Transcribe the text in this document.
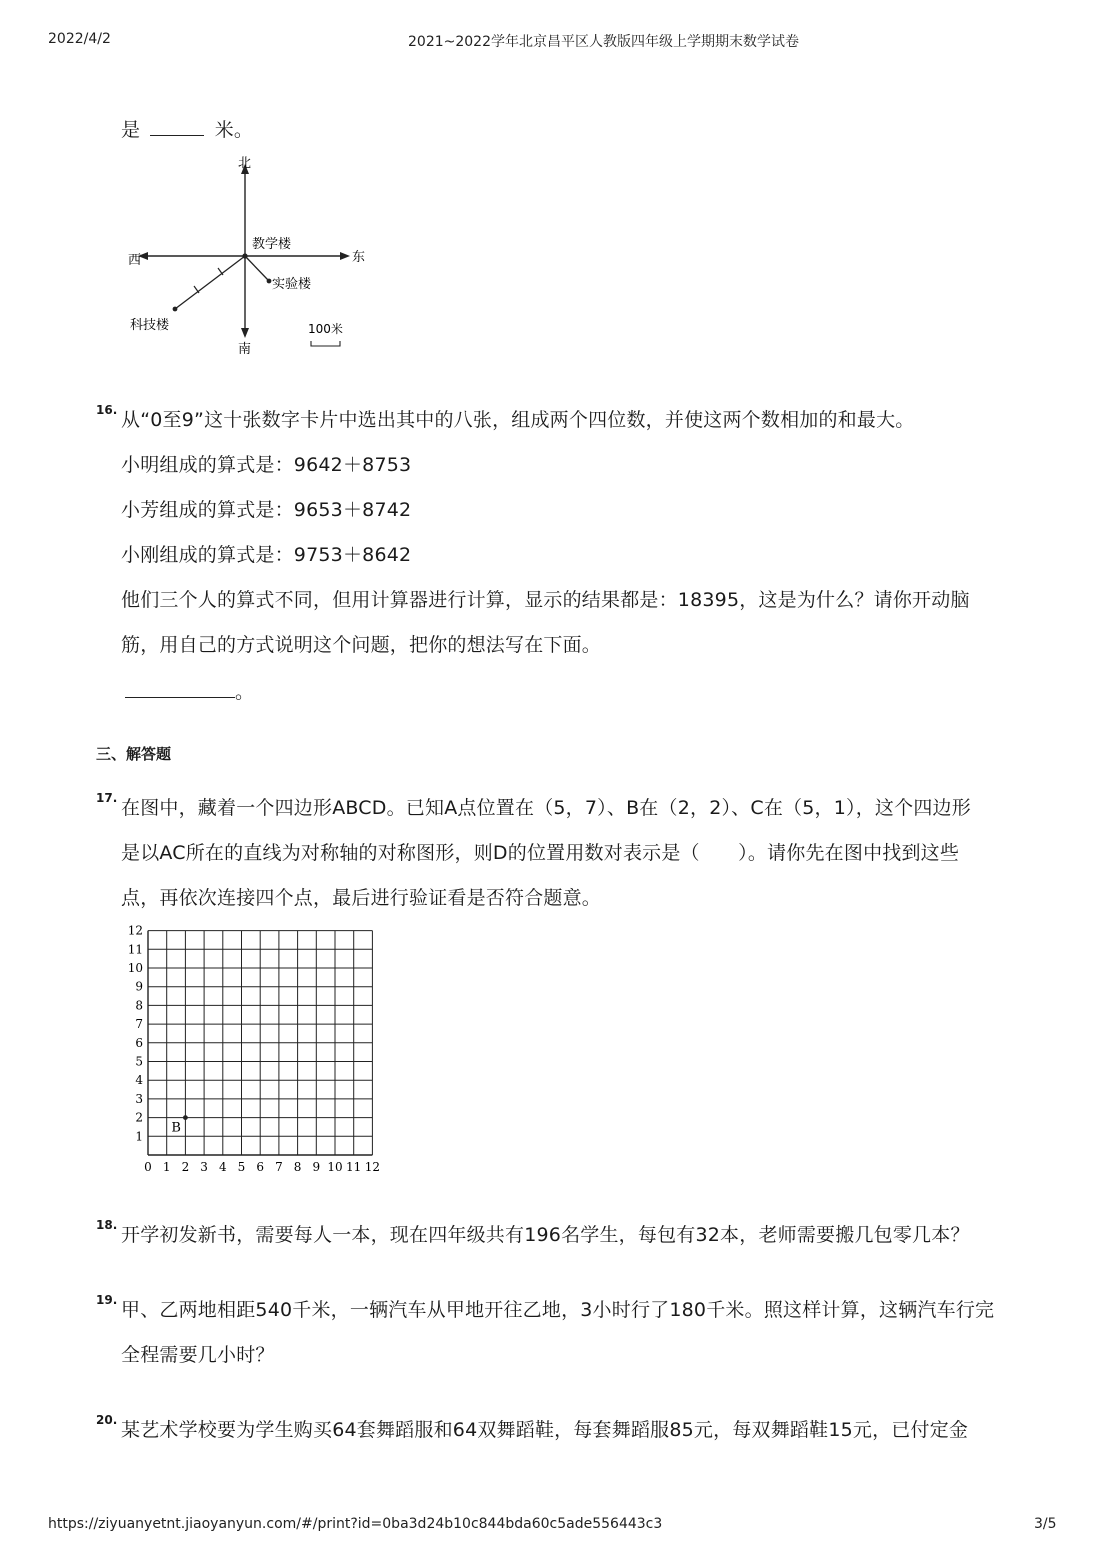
2022/4/2	2021~2022学年北京昌平区人教版四年级上学期期末数学试卷
是	米。
北
南
东
西
教学楼
实验楼
科技楼	100米
16. 从“0至9”这十张数字卡片中选出其中的八张，组成两个四位数，并使这两个数相加的和最大。
小明组成的算式是：9642＋8753
小芳组成的算式是：9653＋8742
小刚组成的算式是：9753＋8642
他们三个人的算式不同，但用计算器进行计算，显示的结果都是：18395，这是为什么？请你开动脑
筋，用自己的方式说明这个问题，把你的想法写在下面。
。
三、解答题
17. 在图中，藏着一个四边形ABCD。已知A点位置在（5，7）、B在（2，2）、C在（5，1），这个四边形
是以AC所在的直线为对称轴的对称图形，则D的位置用数对表示是（　　）。请你先在图中找到这些
点，再依次连接四个点，最后进行验证看是否符合题意。
0 1 2 3 4 5 6 7 8 9 10 11 12
1
2
3
4
5
6
7
8
9
10
11
12
B
18. 开学初发新书，需要每人一本，现在四年级共有196名学生，每包有32本，老师需要搬几包零几本？
19. 甲、乙两地相距540千米，一辆汽车从甲地开往乙地，3小时行了180千米。照这样计算，这辆汽车行完
全程需要几小时？
20. 某艺术学校要为学生购买64套舞蹈服和64双舞蹈鞋，每套舞蹈服85元，每双舞蹈鞋15元，已付定金
https://ziyuanyetnt.jiaoyanyun.com/#/print?id=0ba3d24b10c844bda60c5ade556443c3	3/5
